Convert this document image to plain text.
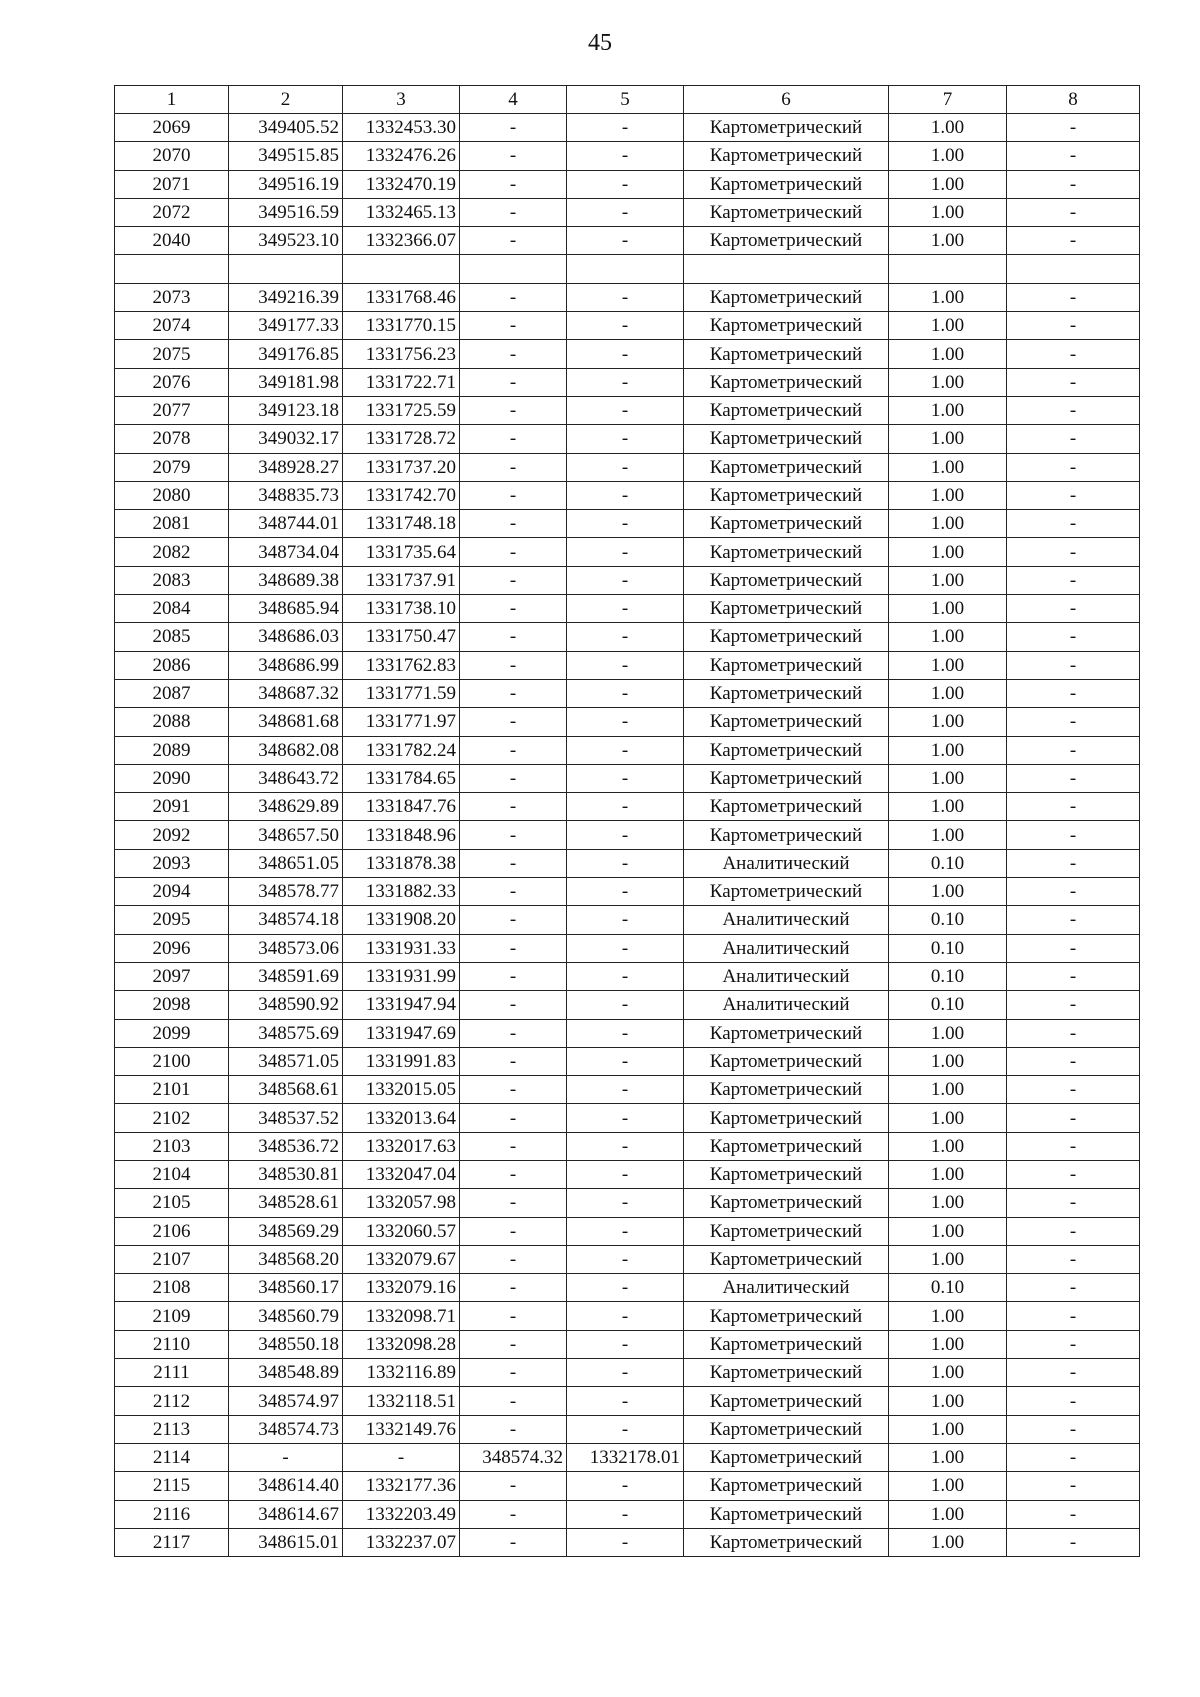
45
1	2	3	4	5	6	7	8
2069	349405.52	1332453.30	-	-	Картометрический	1.00	-
2070	349515.85	1332476.26	-	-	Картометрический	1.00	-
2071	349516.19	1332470.19	-	-	Картометрический	1.00	-
2072	349516.59	1332465.13	-	-	Картометрический	1.00	-
2040	349523.10	1332366.07	-	-	Картометрический	1.00	-

2073	349216.39	1331768.46	-	-	Картометрический	1.00	-
2074	349177.33	1331770.15	-	-	Картометрический	1.00	-
2075	349176.85	1331756.23	-	-	Картометрический	1.00	-
2076	349181.98	1331722.71	-	-	Картометрический	1.00	-
2077	349123.18	1331725.59	-	-	Картометрический	1.00	-
2078	349032.17	1331728.72	-	-	Картометрический	1.00	-
2079	348928.27	1331737.20	-	-	Картометрический	1.00	-
2080	348835.73	1331742.70	-	-	Картометрический	1.00	-
2081	348744.01	1331748.18	-	-	Картометрический	1.00	-
2082	348734.04	1331735.64	-	-	Картометрический	1.00	-
2083	348689.38	1331737.91	-	-	Картометрический	1.00	-
2084	348685.94	1331738.10	-	-	Картометрический	1.00	-
2085	348686.03	1331750.47	-	-	Картометрический	1.00	-
2086	348686.99	1331762.83	-	-	Картометрический	1.00	-
2087	348687.32	1331771.59	-	-	Картометрический	1.00	-
2088	348681.68	1331771.97	-	-	Картометрический	1.00	-
2089	348682.08	1331782.24	-	-	Картометрический	1.00	-
2090	348643.72	1331784.65	-	-	Картометрический	1.00	-
2091	348629.89	1331847.76	-	-	Картометрический	1.00	-
2092	348657.50	1331848.96	-	-	Картометрический	1.00	-
2093	348651.05	1331878.38	-	-	Аналитический	0.10	-
2094	348578.77	1331882.33	-	-	Картометрический	1.00	-
2095	348574.18	1331908.20	-	-	Аналитический	0.10	-
2096	348573.06	1331931.33	-	-	Аналитический	0.10	-
2097	348591.69	1331931.99	-	-	Аналитический	0.10	-
2098	348590.92	1331947.94	-	-	Аналитический	0.10	-
2099	348575.69	1331947.69	-	-	Картометрический	1.00	-
2100	348571.05	1331991.83	-	-	Картометрический	1.00	-
2101	348568.61	1332015.05	-	-	Картометрический	1.00	-
2102	348537.52	1332013.64	-	-	Картометрический	1.00	-
2103	348536.72	1332017.63	-	-	Картометрический	1.00	-
2104	348530.81	1332047.04	-	-	Картометрический	1.00	-
2105	348528.61	1332057.98	-	-	Картометрический	1.00	-
2106	348569.29	1332060.57	-	-	Картометрический	1.00	-
2107	348568.20	1332079.67	-	-	Картометрический	1.00	-
2108	348560.17	1332079.16	-	-	Аналитический	0.10	-
2109	348560.79	1332098.71	-	-	Картометрический	1.00	-
2110	348550.18	1332098.28	-	-	Картометрический	1.00	-
2111	348548.89	1332116.89	-	-	Картометрический	1.00	-
2112	348574.97	1332118.51	-	-	Картометрический	1.00	-
2113	348574.73	1332149.76	-	-	Картометрический	1.00	-
2114	-	-	348574.32	1332178.01	Картометрический	1.00	-
2115	348614.40	1332177.36	-	-	Картометрический	1.00	-
2116	348614.67	1332203.49	-	-	Картометрический	1.00	-
2117	348615.01	1332237.07	-	-	Картометрический	1.00	-
